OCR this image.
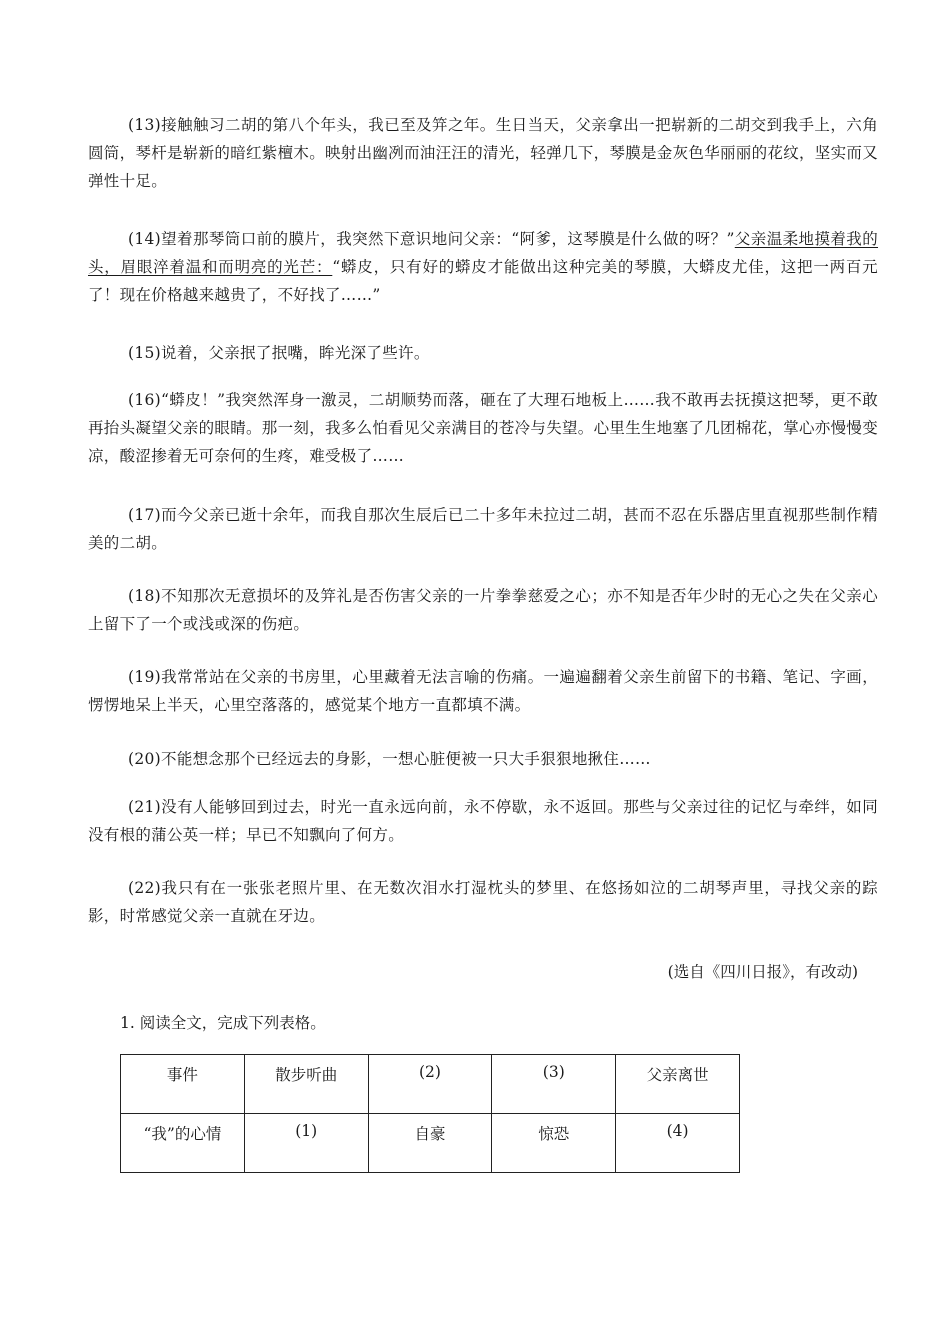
(13)接触触习二胡的第八个年头，我已至及笄之年。生日当天，父亲拿出一把崭新的二胡交到我手上，六角圆筒，琴杆是崭新的暗红紫檀木。映射出幽冽而油汪汪的清光，轻弹几下，琴膜是金灰色华丽丽的花纹，坚实而又弹性十足。

(14)望着那琴筒口前的膜片，我突然下意识地问父亲：“阿爹，这琴膜是什么做的呀？”父亲温柔地摸着我的头，眉眼淬着温和而明亮的光芒：“蟒皮，只有好的蟒皮才能做出这种完美的琴膜，大蟒皮尤佳，这把一两百元了！现在价格越来越贵了，不好找了……”

(15)说着，父亲抿了抿嘴，眸光深了些许。

(16)“蟒皮！”我突然浑身一激灵，二胡顺势而落，砸在了大理石地板上……我不敢再去抚摸这把琴，更不敢再抬头凝望父亲的眼睛。那一刻，我多么怕看见父亲满目的苍冷与失望。心里生生地塞了几团棉花，掌心亦慢慢变凉，酸涩掺着无可奈何的生疼，难受极了……

(17)而今父亲已逝十余年，而我自那次生辰后已二十多年未拉过二胡，甚而不忍在乐器店里直视那些制作精美的二胡。

(18)不知那次无意损坏的及笄礼是否伤害父亲的一片拳拳慈爱之心；亦不知是否年少时的无心之失在父亲心上留下了一个或浅或深的伤疤。

(19)我常常站在父亲的书房里，心里藏着无法言喻的伤痛。一遍遍翻着父亲生前留下的书籍、笔记、字画，愣愣地呆上半天，心里空落落的，感觉某个地方一直都填不满。

(20)不能想念那个已经远去的身影，一想心脏便被一只大手狠狠地揪住……

(21)没有人能够回到过去，时光一直永远向前，永不停歇，永不返回。那些与父亲过往的记忆与牵绊，如同没有根的蒲公英一样；早已不知飘向了何方。

(22)我只有在一张张老照片里、在无数次泪水打湿枕头的梦里、在悠扬如泣的二胡琴声里，寻找父亲的踪影，时常感觉父亲一直就在牙边。

(选自《四川日报》，有改动)
1. 阅读全文，完成下列表格。
事件	散步听曲	(2)	(3)	父亲离世
“我”的心情	(1)	自豪	惊恐	(4)
